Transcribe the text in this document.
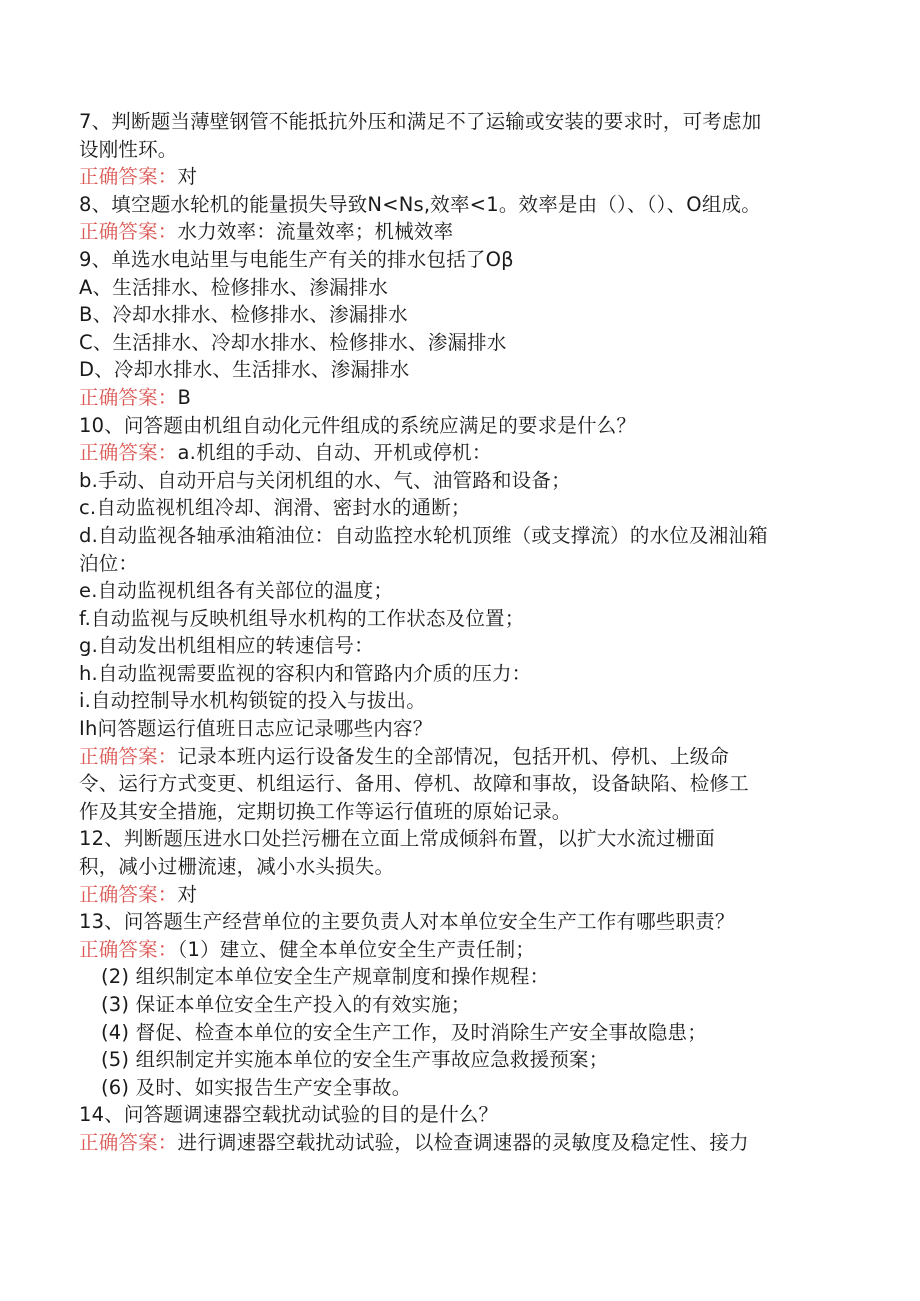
7、判断题当薄壁钢管不能抵抗外压和满足不了运输或安装的要求时，可考虑加
设刚性环。
正确答案：对
8、填空题水轮机的能量损失导致N<Ns,效率<1。效率是由（）、（）、O组成。
正确答案：水力效率：流量效率；机械效率
9、单选水电站里与电能生产有关的排水包括了Oβ
A、生活排水、检修排水、渗漏排水
B、冷却水排水、检修排水、渗漏排水
C、生活排水、冷却水排水、检修排水、渗漏排水
D、冷却水排水、生活排水、渗漏排水
正确答案：B
10、问答题由机组自动化元件组成的系统应满足的要求是什么？
正确答案：a.机组的手动、自动、开机或停机：
b.手动、自动开启与关闭机组的水、气、油管路和设备；
c.自动监视机组冷却、润滑、密封水的通断；
d.自动监视各轴承油箱油位：自动监控水轮机顶维（或支撑流）的水位及湘汕箱
泊位：
e.自动监视机组各有关部位的温度；
f.自动监视与反映机组导水机构的工作状态及位置；
g.自动发出机组相应的转速信号：
h.自动监视需要监视的容积内和管路内介质的压力：
i.自动控制导水机构锁锭的投入与拔出。
Ih问答题运行值班日志应记录哪些内容？
正确答案：记录本班内运行设备发生的全部情况，包括开机、停机、上级命
令、运行方式变更、机组运行、备用、停机、故障和事故，设备缺陷、检修工
作及其安全措施，定期切换工作等运行值班的原始记录。
12、判断题压进水口处拦污栅在立面上常成倾斜布置，以扩大水流过栅面
积，减小过栅流速，减小水头损失。
正确答案：对
13、问答题生产经营单位的主要负责人对本单位安全生产工作有哪些职责？
正确答案：（1）建立、健全本单位安全生产责任制；
(2) 组织制定本单位安全生产规章制度和操作规程：
(3) 保证本单位安全生产投入的有效实施；
(4) 督促、检查本单位的安全生产工作，及时消除生产安全事故隐患；
(5) 组织制定并实施本单位的安全生产事故应急救援预案；
(6) 及时、如实报告生产安全事故。
14、问答题调速器空载扰动试验的目的是什么？
正确答案：进行调速器空载扰动试验，以检查调速器的灵敏度及稳定性、接力
